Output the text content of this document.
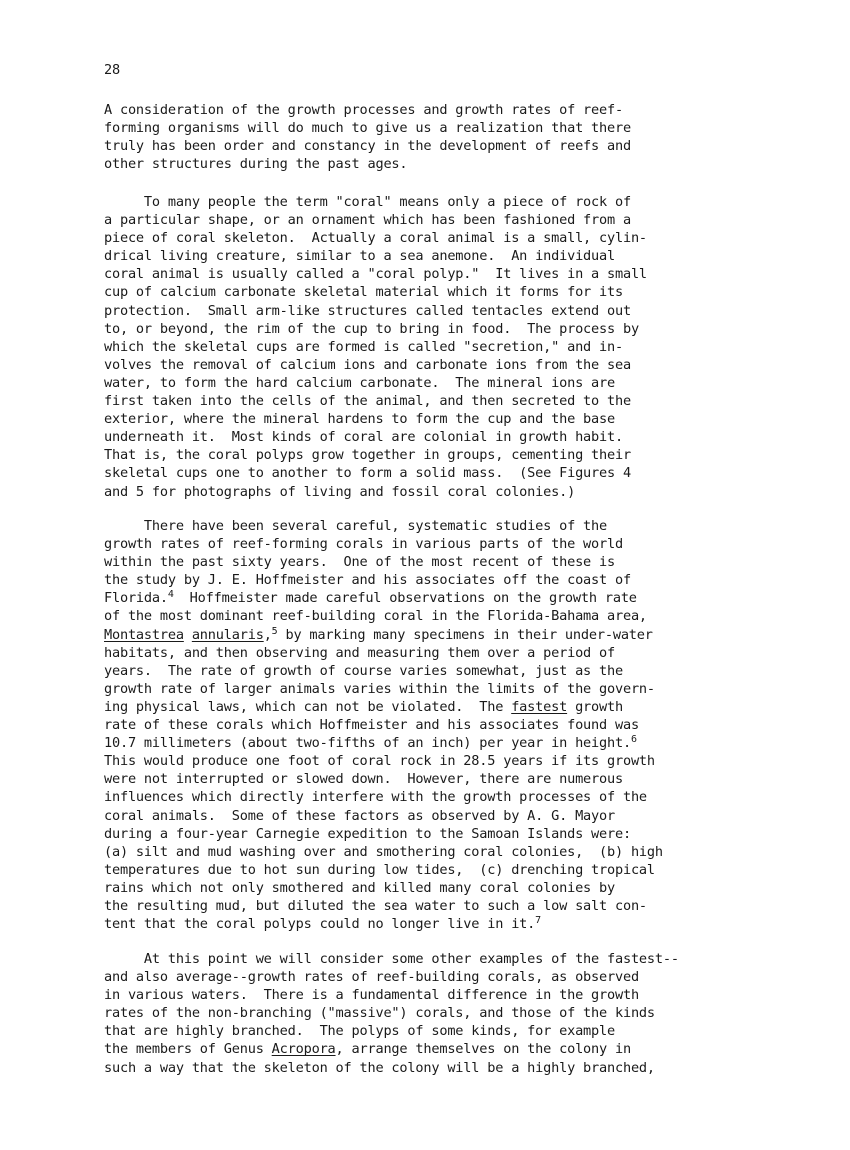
28
A consideration of the growth processes and growth rates of reef-
forming organisms will do much to give us a realization that there
truly has been order and constancy in the development of reefs and
other structures during the past ages.
To many people the term "coral" means only a piece of rock of
a particular shape, or an ornament which has been fashioned from a
piece of coral skeleton.  Actually a coral animal is a small, cylin-
drical living creature, similar to a sea anemone.  An individual
coral animal is usually called a "coral polyp."  It lives in a small
cup of calcium carbonate skeletal material which it forms for its
protection.  Small arm-like structures called tentacles extend out
to, or beyond, the rim of the cup to bring in food.  The process by
which the skeletal cups are formed is called "secretion," and in-
volves the removal of calcium ions and carbonate ions from the sea
water, to form the hard calcium carbonate.  The mineral ions are
first taken into the cells of the animal, and then secreted to the
exterior, where the mineral hardens to form the cup and the base
underneath it.  Most kinds of coral are colonial in growth habit.
That is, the coral polyps grow together in groups, cementing their
skeletal cups one to another to form a solid mass.  (See Figures 4
and 5 for photographs of living and fossil coral colonies.)
There have been several careful, systematic studies of the
growth rates of reef-forming corals in various parts of the world
within the past sixty years.  One of the most recent of these is
the study by J. E. Hoffmeister and his associates off the coast of
Florida.$^4$  Hoffmeister made careful observations on the growth rate
of the most dominant reef-building coral in the Florida-Bahama area,
Montastrea annularis,$^5$ by marking many specimens in their under-water
habitats, and then observing and measuring them over a period of
years.  The rate of growth of course varies somewhat, just as the
growth rate of larger animals varies within the limits of the govern-
ing physical laws, which can not be violated.  The fastest growth
rate of these corals which Hoffmeister and his associates found was
10.7 millimeters (about two-fifths of an inch) per year in height.$^6$
This would produce one foot of coral rock in 28.5 years if its growth
were not interrupted or slowed down.  However, there are numerous
influences which directly interfere with the growth processes of the
coral animals.  Some of these factors as observed by A. G. Mayor
during a four-year Carnegie expedition to the Samoan Islands were:
(a) silt and mud washing over and smothering coral colonies,  (b) high
temperatures due to hot sun during low tides,  (c) drenching tropical
rains which not only smothered and killed many coral colonies by
the resulting mud, but diluted the sea water to such a low salt con-
tent that the coral polyps could no longer live in it.$^7$
At this point we will consider some other examples of the fastest--
and also average--growth rates of reef-building corals, as observed
in various waters.  There is a fundamental difference in the growth
rates of the non-branching ("massive") corals, and those of the kinds
that are highly branched.  The polyps of some kinds, for example
the members of Genus Acropora, arrange themselves on the colony in
such a way that the skeleton of the colony will be a highly branched,
